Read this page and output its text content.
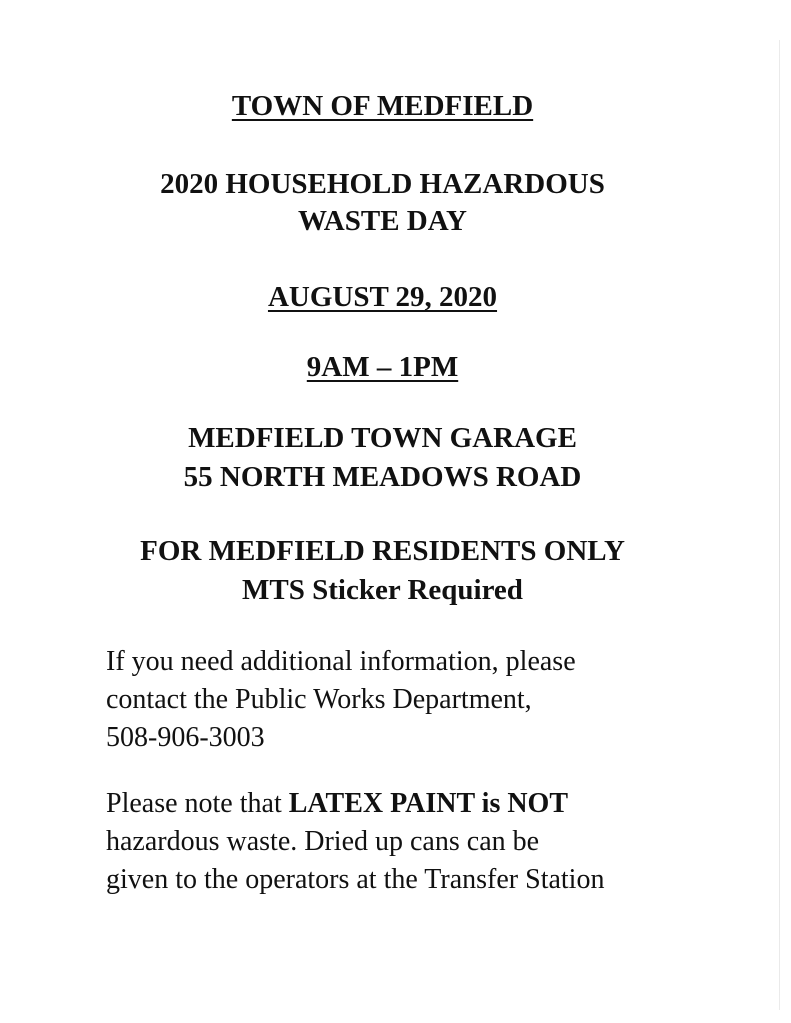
TOWN OF MEDFIELD
2020 HOUSEHOLD HAZARDOUS
WASTE DAY
AUGUST 29, 2020
9AM – 1PM
MEDFIELD TOWN GARAGE
55 NORTH MEADOWS ROAD
FOR MEDFIELD RESIDENTS ONLY
MTS Sticker Required

If you need additional information, please
contact the Public Works Department,
508-906-3003

Please note that LATEX PAINT is NOT
hazardous waste. Dried up cans can be
given to the operators at the Transfer Station
